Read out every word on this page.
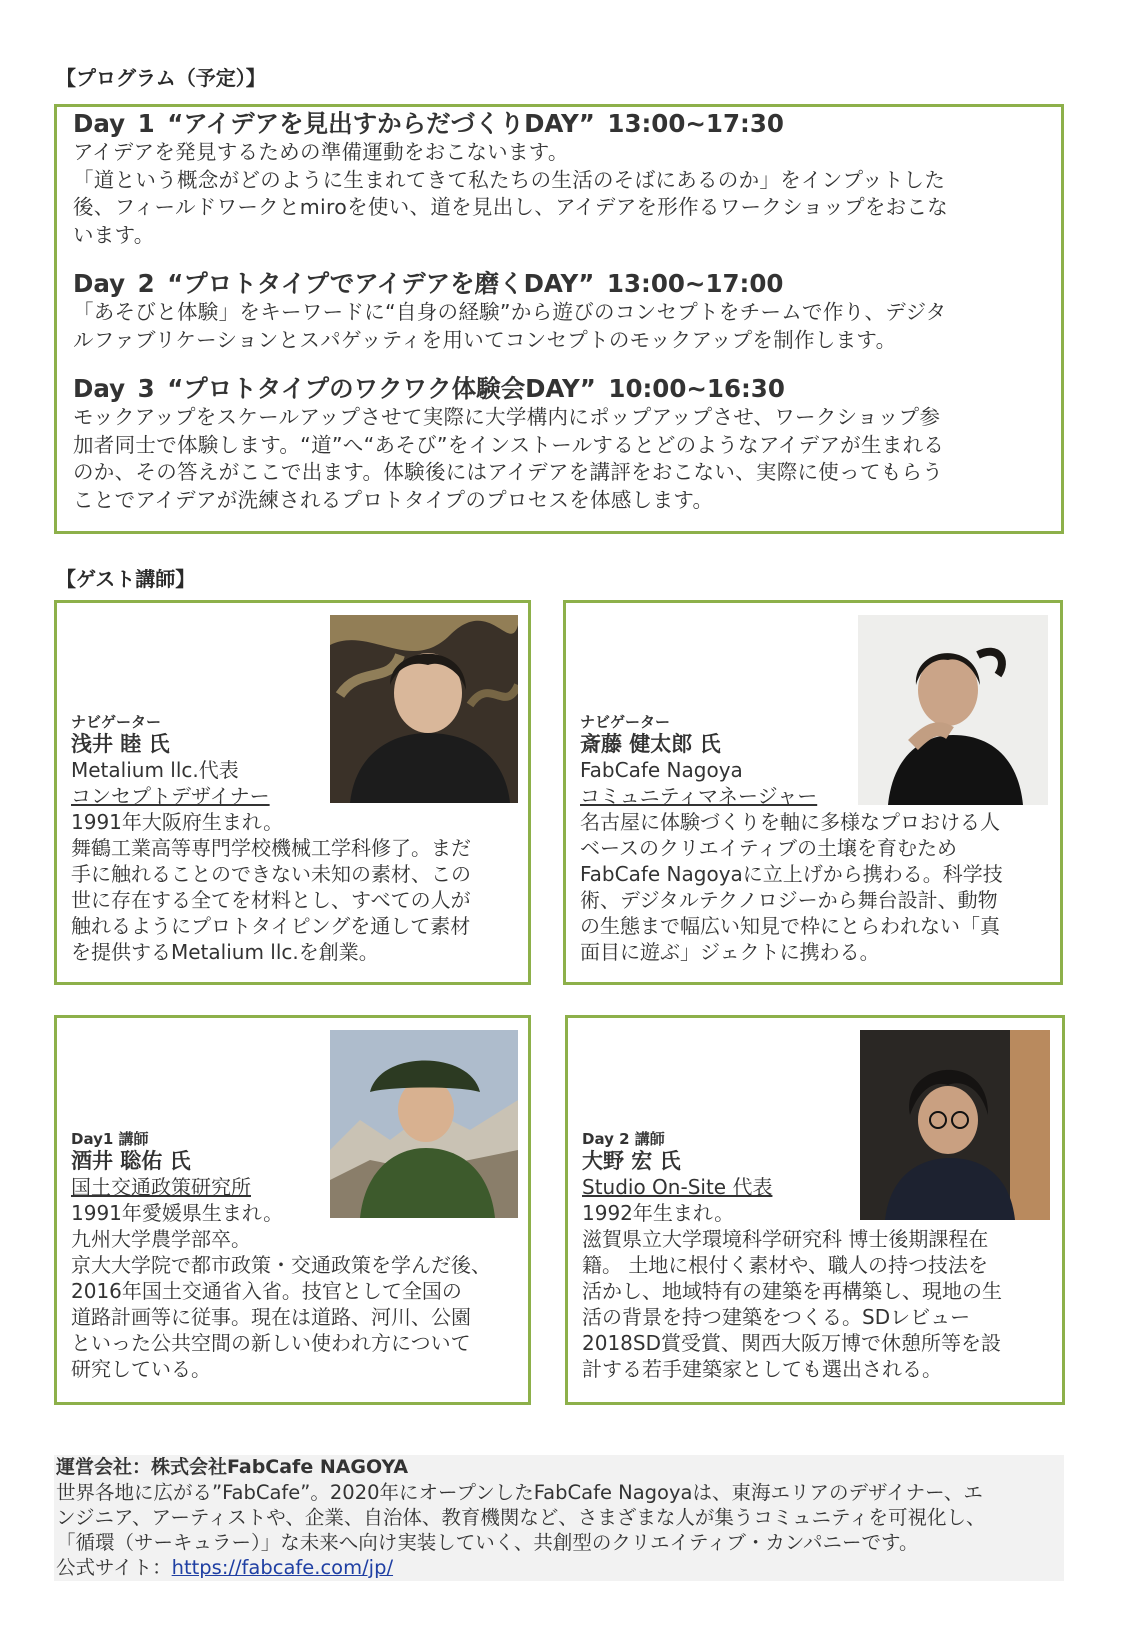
【プログラム（予定）】
Day 1 “アイデアを見出すからだづくりDAY” 13:00~17:30
アイデアを発見するための準備運動をおこないます。
「道という概念がどのように生まれてきて私たちの生活のそばにあるのか」をインプットした
後、フィールドワークとmiroを使い、道を見出し、アイデアを形作るワークショップをおこな
います。
Day 2 “プロトタイプでアイデアを磨くDAY” 13:00~17:00
「あそびと体験」をキーワードに“自身の経験”から遊びのコンセプトをチームで作り、デジタ
ルファブリケーションとスパゲッティを用いてコンセプトのモックアップを制作します。
Day 3 “プロトタイプのワクワク体験会DAY” 10:00~16:30
モックアップをスケールアップさせて実際に大学構内にポップアップさせ、ワークショップ参
加者同士で体験します。“道”へ“あそび”をインストールするとどのようなアイデアが生まれる
のか、その答えがここで出ます。体験後にはアイデアを講評をおこない、実際に使ってもらう
ことでアイデアが洗練されるプロトタイプのプロセスを体感します。
【ゲスト講師】
ナビゲーター
浅井 睦 氏
Metalium llc.代表
コンセプトデザイナー
1991年大阪府生まれ。
舞鶴工業高等専門学校機械工学科修了。まだ
手に触れることのできない未知の素材、この
世に存在する全てを材料とし、すべての人が
触れるようにプロトタイピングを通して素材
を提供するMetalium llc.を創業。
ナビゲーター
斎藤 健太郎 氏
FabCafe Nagoya
コミュニティマネージャー
名古屋に体験づくりを軸に多様なプロおける人
ベースのクリエイティブの土壌を育むため
FabCafe Nagoyaに立上げから携わる。科学技
術、デジタルテクノロジーから舞台設計、動物
の生態まで幅広い知見で枠にとらわれない「真
面目に遊ぶ」ジェクトに携わる。
Day1 講師
酒井 聡佑 氏
国土交通政策研究所
1991年愛媛県生まれ。
九州大学農学部卒。
京大大学院で都市政策・交通政策を学んだ後、
2016年国土交通省入省。技官として全国の
道路計画等に従事。現在は道路、河川、公園
といった公共空間の新しい使われ方について
研究している。
Day 2 講師
大野 宏 氏
Studio On-Site 代表
1992年生まれ。
滋賀県立大学環境科学研究科 博士後期課程在
籍。 土地に根付く素材や、職人の持つ技法を
活かし、地域特有の建築を再構築し、現地の生
活の背景を持つ建築をつくる。SDレビュー
2018SD賞受賞、関西大阪万博で休憩所等を設
計する若手建築家としても選出される。
運営会社：株式会社FabCafe NAGOYA
世界各地に広がる”FabCafe”。2020年にオープンしたFabCafe Nagoyaは、東海エリアのデザイナー、エ
ンジニア、アーティストや、企業、自治体、教育機関など、さまざまな人が集うコミュニティを可視化し、
「循環（サーキュラー）」な未来へ向け実装していく、共創型のクリエイティブ・カンパニーです。
公式サイト：https://fabcafe.com/jp/
